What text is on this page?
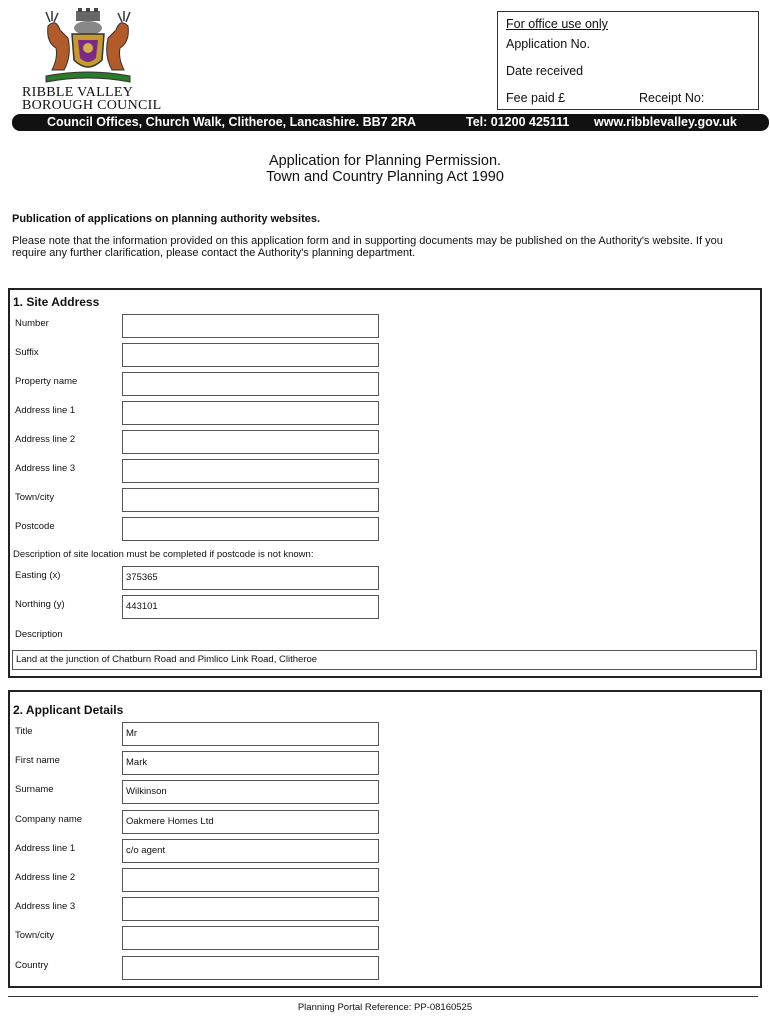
RIBBLE VALLEY
BOROUGH COUNCIL
For office use only
Application No.
Date received
Fee paid £	Receipt No:
Council Offices, Church Walk, Clitheroe, Lancashire. BB7 2RA	Tel: 01200 425111 www.ribblevalley.gov.uk
Application for Planning Permission.
Town and Country Planning Act 1990
Publication of applications on planning authority websites.
Please note that the information provided on this application form and in supporting documents may be published on the Authority's website. If you require any further clarification, please contact the Authority's planning department.
1. Site Address
Number
Suffix
Property name
Address line 1
Address line 2
Address line 3
Town/city
Postcode
Description of site location must be completed if postcode is not known:
Easting (x)	375365
Northing (y)	443101
Description
Land at the junction of Chatburn Road and Pimlico Link Road, Clitheroe
2. Applicant Details
Title	Mr
First name	Mark
Surname	Wilkinson
Company name	Oakmere Homes Ltd
Address line 1	c/o agent
Address line 2
Address line 3
Town/city
Country
Planning Portal Reference: PP-08160525
